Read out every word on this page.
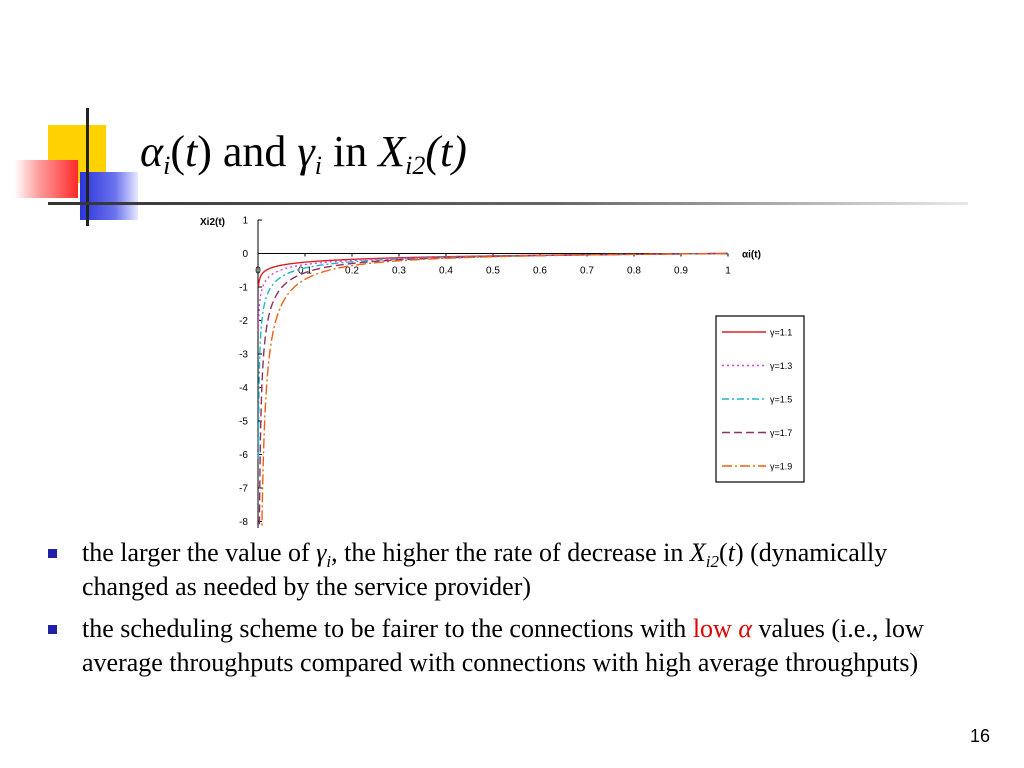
$\alpha_i(t)$ and $\gamma_i$ in $X_{i2}(t)$
1
0
-1
-2
-3
-4
-5
-6
-7
-8
0	0.1	0.2	0.3	0.4	0.5	0.6	0.7	0.8	0.9	1
Xi2(t)
αi(t)
γ=1.1
γ=1.3
γ=1.5
γ=1.7
γ=1.9
the larger the value of $\gamma_i$, the higher the rate of decrease in $X_{i2}(t)$ (dynamically changed as needed by the service provider)
the scheduling scheme to be fairer to the connections with low α values (i.e., low average throughputs compared with connections with high average throughputs)
16
